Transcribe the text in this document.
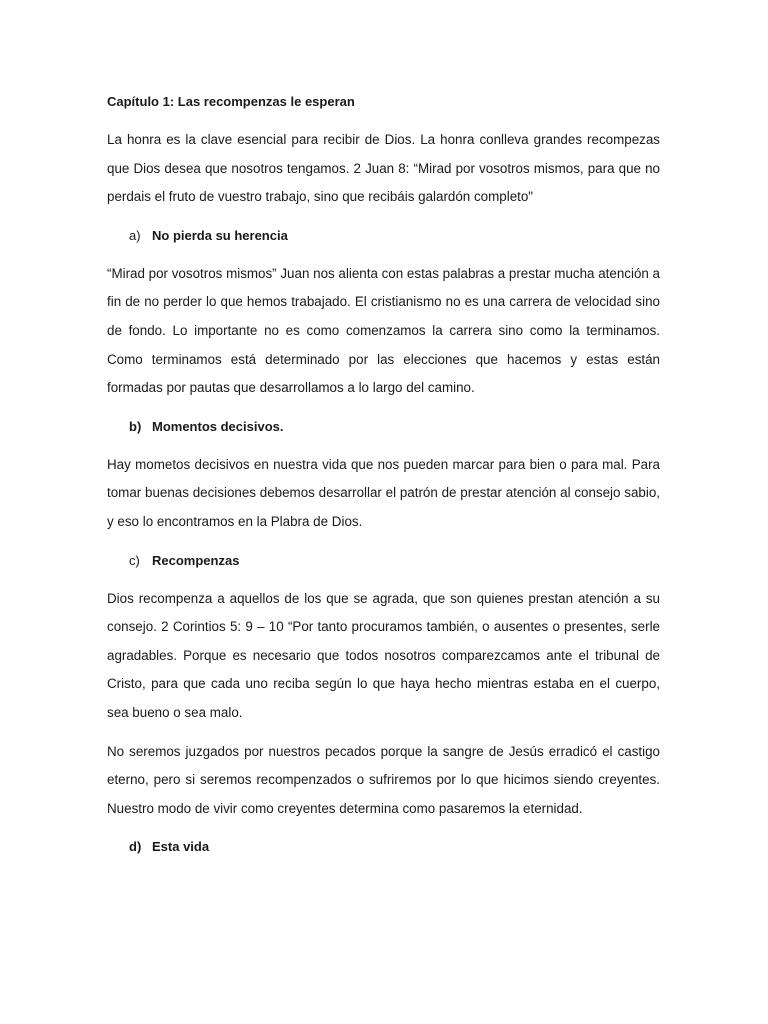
Capítulo 1: Las recompenzas le esperan

La honra es la clave esencial para recibir de Dios. La honra conlleva grandes recompezas que Dios desea que nosotros tengamos. 2 Juan 8: “Mirad por vosotros mismos, para que no perdais el fruto de vuestro trabajo, sino que recibáis galardón completo"

a) No pierda su herencia

“Mirad por vosotros mismos” Juan nos alienta con estas palabras a prestar mucha atención a fin de no perder lo que hemos trabajado. El cristianismo no es una carrera de velocidad sino de fondo. Lo importante no es como comenzamos la carrera sino como la terminamos. Como terminamos está determinado por las elecciones que hacemos y estas están formadas por pautas que desarrollamos a lo largo del camino.

b) Momentos decisivos.

Hay mometos decisivos en nuestra vida que nos pueden marcar para bien o para mal. Para tomar buenas decisiones debemos desarrollar el patrón de prestar atención al consejo sabio, y eso lo encontramos en la Plabra de Dios.

c) Recompenzas

Dios recompenza a aquellos de los que se agrada, que son quienes prestan atención a su consejo. 2 Corintios 5: 9 – 10 “Por tanto procuramos también, o ausentes o presentes, serle agradables. Porque es necesario que todos nosotros comparezcamos ante el tribunal de Cristo, para que cada uno reciba según lo que haya hecho mientras estaba en el cuerpo, sea bueno o sea malo.

No seremos juzgados por nuestros pecados porque la sangre de Jesús erradicó el castigo eterno, pero si seremos recompenzados o sufriremos por lo que hicimos siendo creyentes. Nuestro modo de vivir como creyentes determina como pasaremos la eternidad.

d) Esta vida
